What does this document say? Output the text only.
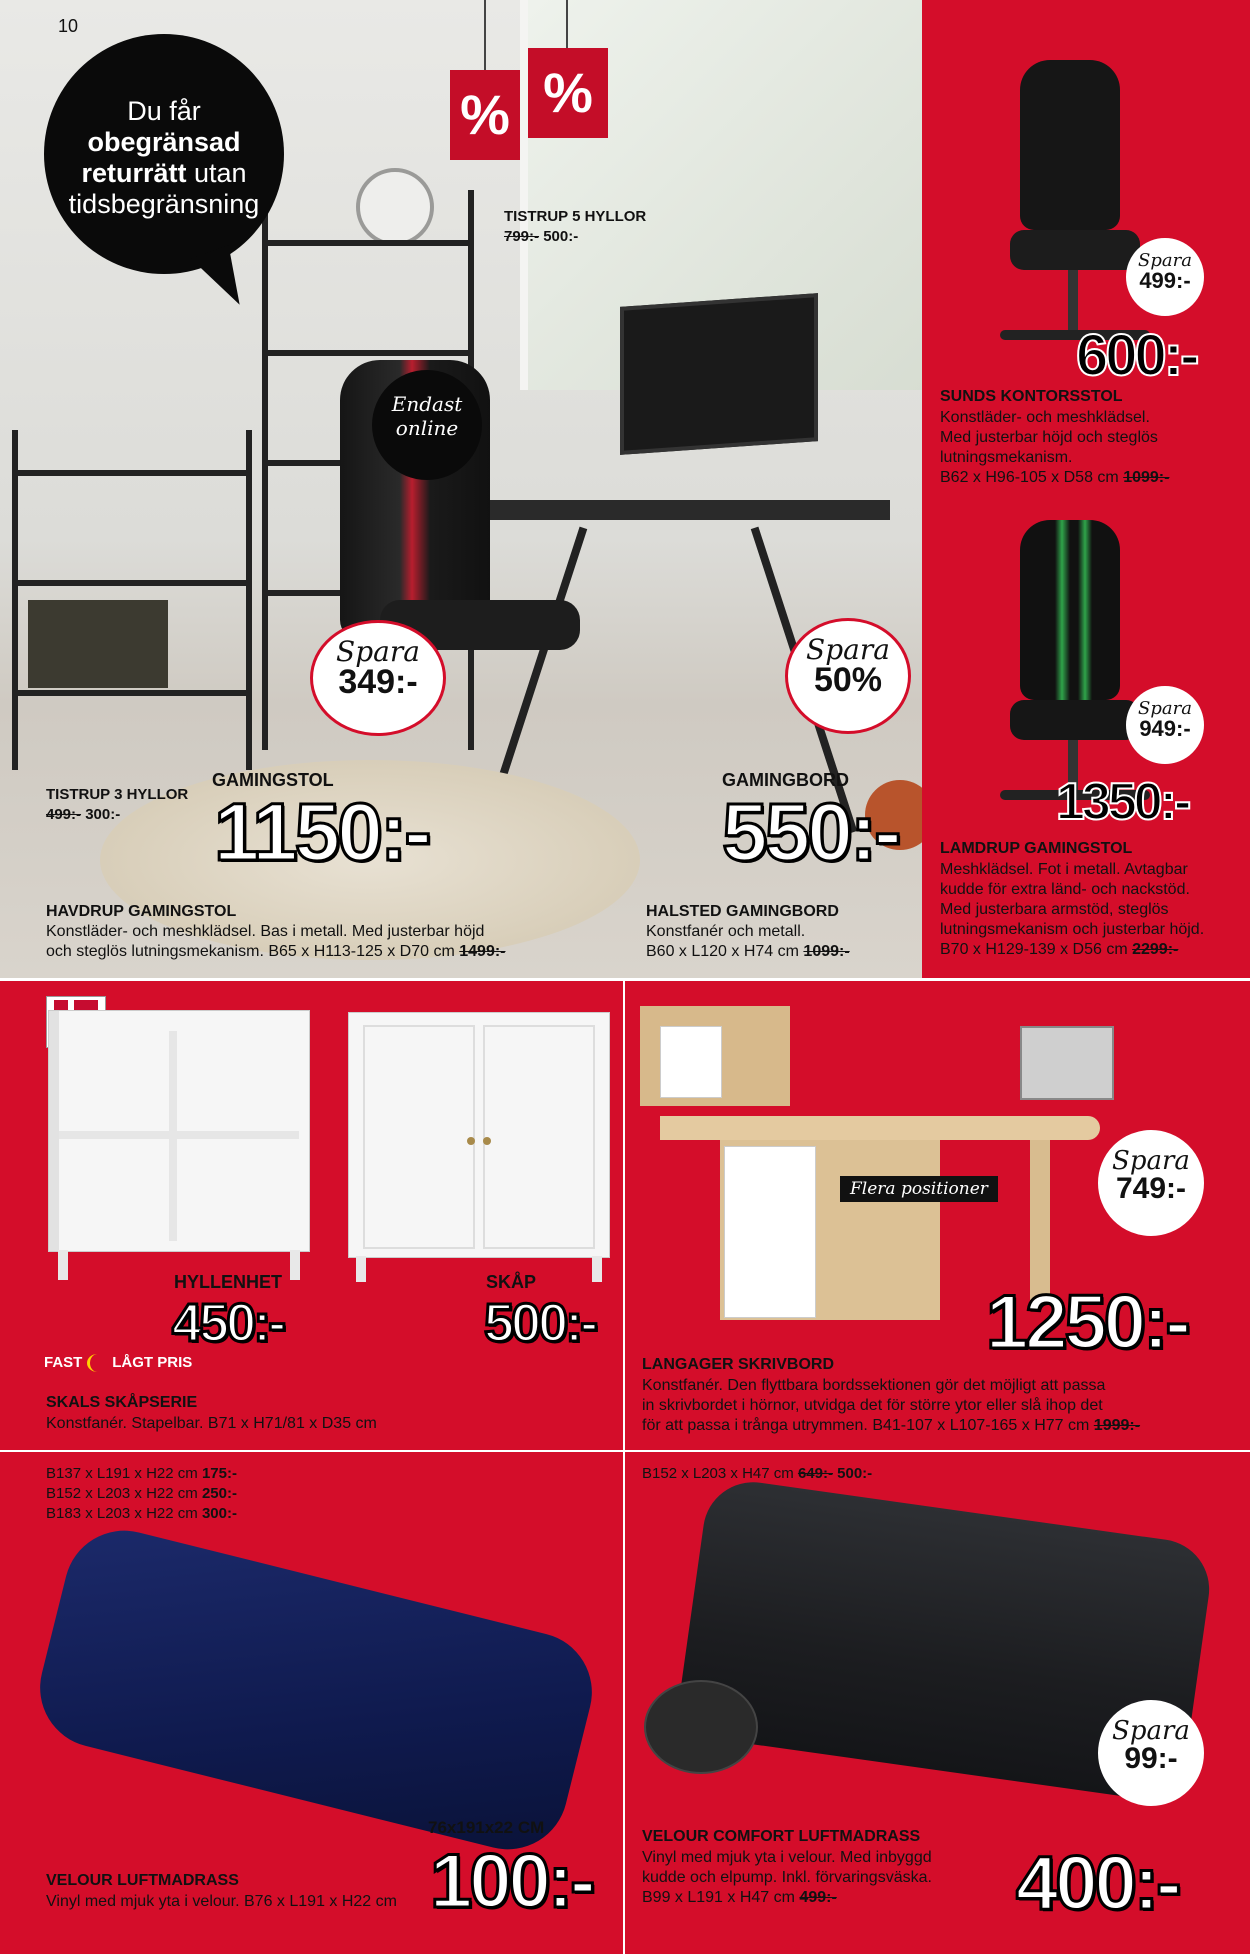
10
Du får
obegränsad
returrätt utan
tidsbegränsning
% %
Endast
online
TISTRUP 5 HYLLOR
799:- 500:-
TISTRUP 3 HYLLOR
499:- 300:-
Spara
349:-
GAMINGSTOL
1150:-
Spara
50%
GAMINGBORD
550:-
HAVDRUP GAMINGSTOL
Konstläder- och meshklädsel. Bas i metall. Med justerbar höjd
och steglös lutningsmekanism. B65 x H113-125 x D70 cm 1499:-
HALSTED GAMINGBORD
Konstfanér och metall.
B60 x L120 x H74 cm 1099:-
Spara
499:-
600:-
SUNDS KONTORSSTOL
Konstläder- och meshklädsel.
Med justerbar höjd och steglös
lutningsmekanism.
B62 x H96-105 x D58 cm 1099:-
Spara
949:-
1350:-
LAMDRUP GAMINGSTOL
Meshklädsel. Fot i metall. Avtagbar
kudde för extra länd- och nackstöd.
Med justerbara armstöd, steglös
lutningsmekanism och justerbar höjd.
B70 x H129-139 x D56 cm 2299:-
HYLLENHET
450:-
SKÅP
500:-
FAST LÅGT PRIS
SKALS SKÅPSERIE
Konstfanér. Stapelbar. B71 x H71/81 x D35 cm
Flera positioner
Spara
749:-
1250:-
LANGAGER SKRIVBORD
Konstfanér. Den flyttbara bordssektionen gör det möjligt att passa
in skrivbordet i hörnor, utvidga det för större ytor eller slå ihop det
för att passa i trånga utrymmen. B41-107 x L107-165 x H77 cm 1999:-
B137 x L191 x H22 cm 175:-
B152 x L203 x H22 cm 250:-
B183 x L203 x H22 cm 300:-
76x191x22 CM
100:-
VELOUR LUFTMADRASS
Vinyl med mjuk yta i velour. B76 x L191 x H22 cm
B152 x L203 x H47 cm 649:- 500:-
Spara
99:-
VELOUR COMFORT LUFTMADRASS
Vinyl med mjuk yta i velour. Med inbyggd
kudde och elpump. Inkl. förvaringsväska.
B99 x L191 x H47 cm 499:- 400:-
